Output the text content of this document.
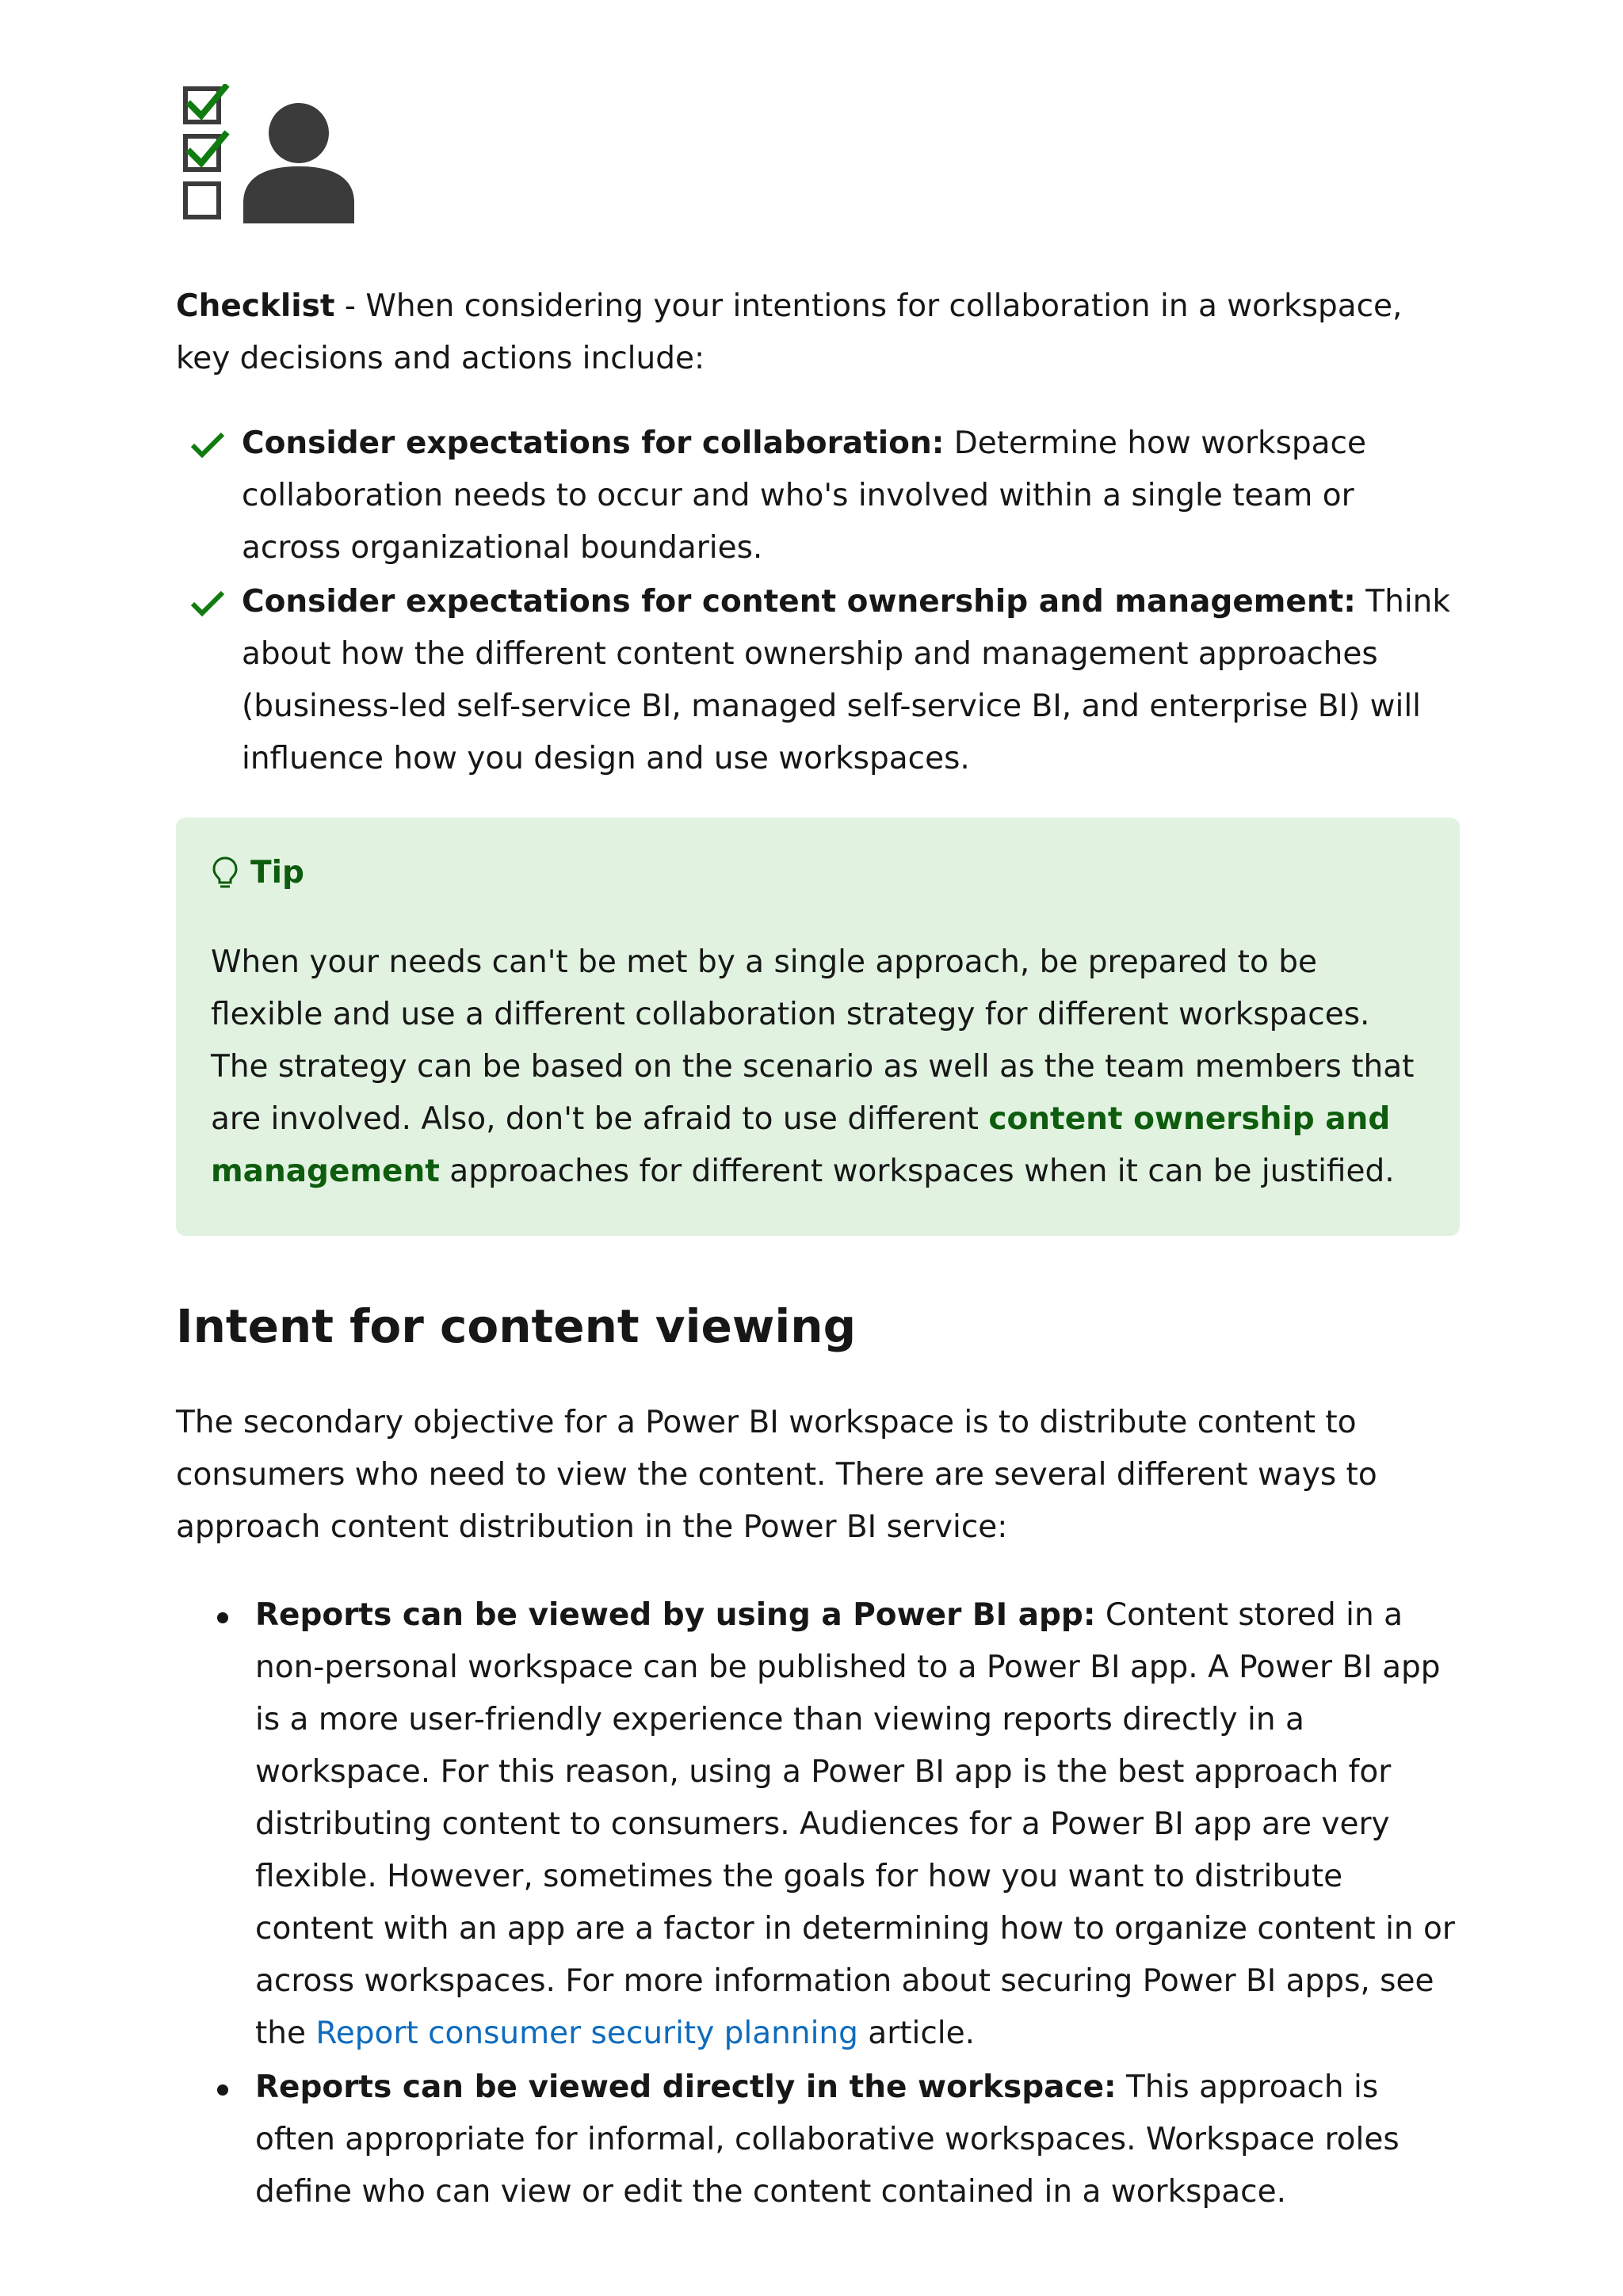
Checklist - When considering your intentions for collaboration in a workspace, key decisions and actions include:

Consider expectations for collaboration: Determine how workspace collaboration needs to occur and who's involved within a single team or across organizational boundaries.
Consider expectations for content ownership and management: Think about how the different content ownership and management approaches (business-led self-service BI, managed self-service BI, and enterprise BI) will influence how you design and use workspaces.
Tip

When your needs can't be met by a single approach, be prepared to be flexible and use a different collaboration strategy for different workspaces. The strategy can be based on the scenario as well as the team members that are involved. Also, don't be afraid to use different content ownership and management approaches for different workspaces when it can be justified.

Intent for content viewing

The secondary objective for a Power BI workspace is to distribute content to consumers who need to view the content. There are several different ways to approach content distribution in the Power BI service:

Reports can be viewed by using a Power BI app: Content stored in a non-personal workspace can be published to a Power BI app. A Power BI app is a more user-friendly experience than viewing reports directly in a workspace. For this reason, using a Power BI app is the best approach for distributing content to consumers. Audiences for a Power BI app are very flexible. However, sometimes the goals for how you want to distribute content with an app are a factor in determining how to organize content in or across workspaces. For more information about securing Power BI apps, see the Report consumer security planning article.
Reports can be viewed directly in the workspace: This approach is often appropriate for informal, collaborative workspaces. Workspace roles define who can view or edit the content contained in a workspace.
